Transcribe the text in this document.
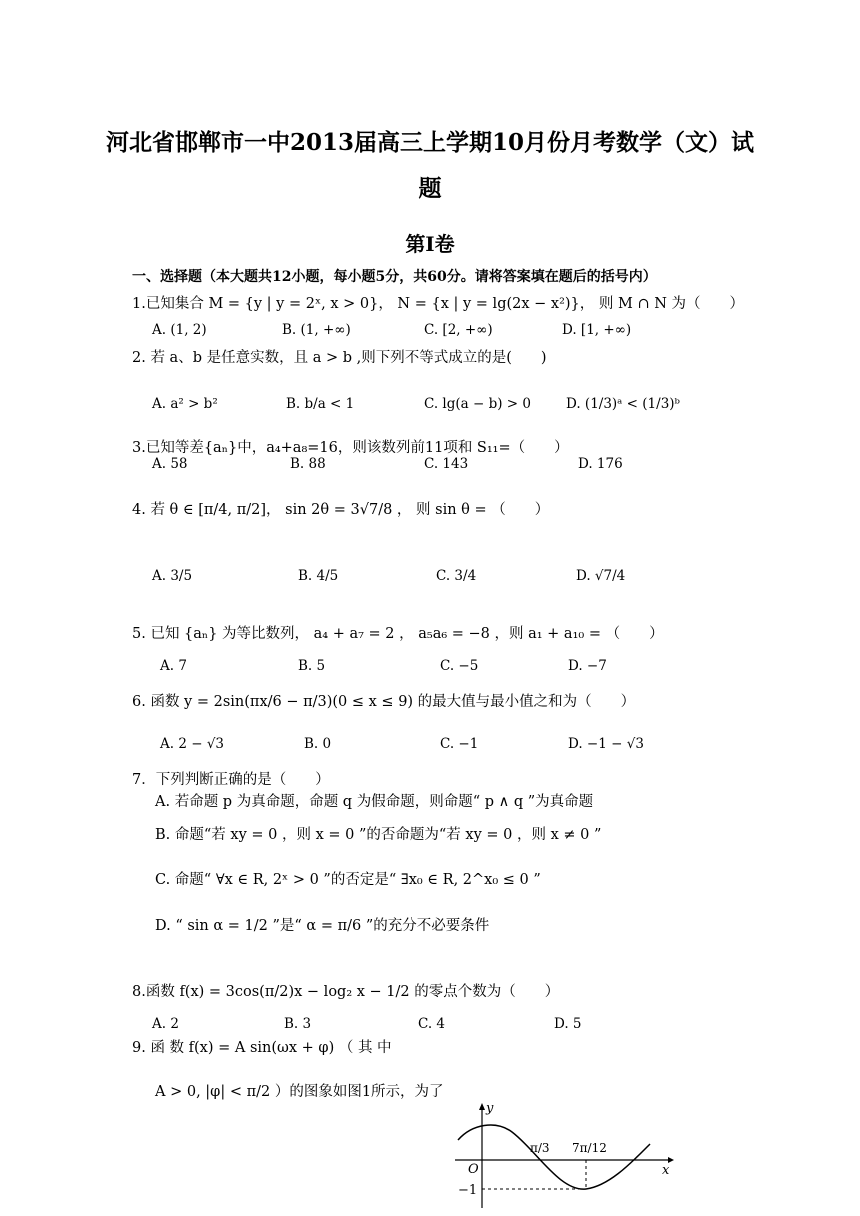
河北省邯郸市一中2013届高三上学期10月份月考数学（文）试
题
第Ⅰ卷
一、选择题（本大题共12小题，每小题5分，共60分。请将答案填在题后的括号内）
1.已知集合 M = {y | y = 2ˣ, x > 0}， N = {x | y = lg(2x − x²)}， 则 M ∩ N 为（　　）
A. (1, 2)	B. (1, +∞)	C. [2, +∞)	D. [1, +∞)
2. 若 a、b 是任意实数，且 a > b ,则下列不等式成立的是(　　)
A. a² > b²	B. b/a < 1	C. lg(a − b) > 0	D. (1/3)ᵃ < (1/3)ᵇ
3.已知等差{aₙ}中，a₄+a₈=16，则该数列前11项和 S₁₁=（　　）
A. 58	B. 88	C. 143	D. 176
4. 若 θ ∈ [π/4, π/2]， sin 2θ = 3√7/8 ， 则 sin θ = （　　）
A. 3/5	B. 4/5	C. 3/4	D. √7/4
5. 已知 {aₙ} 为等比数列， a₄ + a₇ = 2 ， a₅a₆ = −8 ，则 a₁ + a₁₀ = （　　）
A. 7	B. 5	C. −5	D. −7
6. 函数 y = 2sin(πx/6 − π/3)(0 ≤ x ≤ 9) 的最大值与最小值之和为（　　）
A. 2 − √3	B. 0	C. −1	D. −1 − √3
7．下列判断正确的是（　　）
A. 若命题 p 为真命题，命题 q 为假命题，则命题“ p ∧ q ”为真命题
B. 命题“若 xy = 0 ，则 x = 0 ”的否命题为“若 xy = 0 ，则 x ≠ 0 ”
C. 命题“ ∀x ∈ R, 2ˣ > 0 ”的否定是“ ∃x₀ ∈ R, 2^x₀ ≤ 0 ”
D. “ sin α = 1/2 ”是“ α = π/6 ”的充分不必要条件
8.函数 f(x) = 3cos(π/2)x − log₂ x − 1/2 的零点个数为（　　）
A. 2	B. 3	C. 4	D. 5
9. 函 数 f(x) = A sin(ωx + φ) （ 其 中
A > 0, |φ| < π/2 ）的图象如图1所示，为了
y
x
O
−1
π/3 7π/12
